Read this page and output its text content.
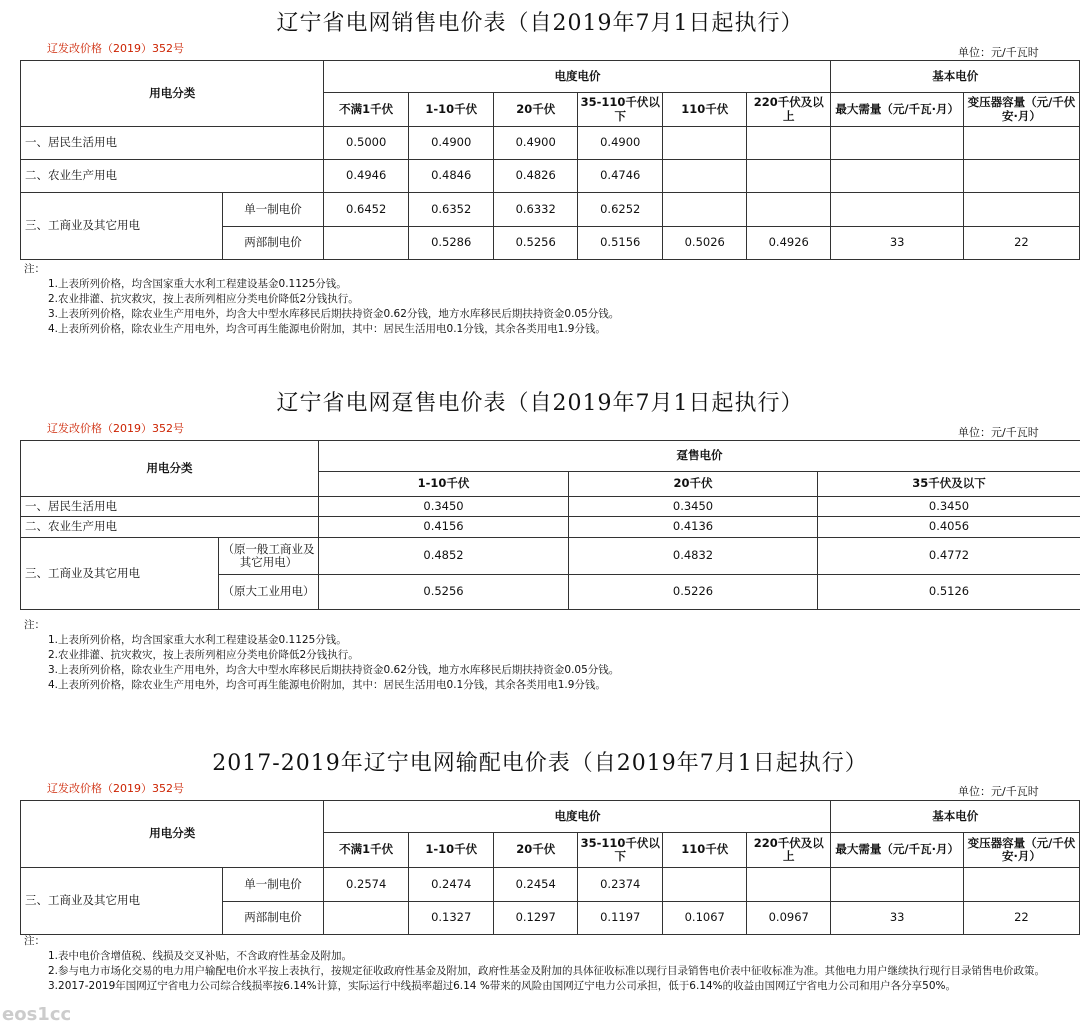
辽宁省电网销售电价表（自2019年7月1日起执行）
辽发改价格（2019）352号	单位：元/千瓦时
用电分类		电度电价						基本电价	
		不满1千伏	1-10千伏	20千伏	35-110千伏以下	110千伏	220千伏及以上	最大需量（元/千瓦·月）	变压器容量（元/千伏安·月）
一、居民生活用电		0.5000	0.4900	0.4900	0.4900				
二、农业生产用电		0.4946	0.4846	0.4826	0.4746				
三、工商业及其它用电	单一制电价	0.6452	0.6352	0.6332	0.6252				
	两部制电价		0.5286	0.5256	0.5156	0.5026	0.4926	33	22
注：
1.上表所列价格，均含国家重大水利工程建设基金0.1125分钱。
2.农业排灌、抗灾救灾，按上表所列相应分类电价降低2分钱执行。
3.上表所列价格，除农业生产用电外，均含大中型水库移民后期扶持资金0.62分钱，地方水库移民后期扶持资金0.05分钱。
4.上表所列价格，除农业生产用电外，均含可再生能源电价附加，其中：居民生活用电0.1分钱，其余各类用电1.9分钱。
辽宁省电网趸售电价表（自2019年7月1日起执行）
辽发改价格（2019）352号	单位：元/千瓦时
用电分类		趸售电价		
		1-10千伏	20千伏	35千伏及以下
一、居民生活用电		0.3450	0.3450	0.3450
二、农业生产用电		0.4156	0.4136	0.4056
三、工商业及其它用电	（原一般工商业及其它用电）	0.4852	0.4832	0.4772
	（原大工业用电）	0.5256	0.5226	0.5126
注：
1.上表所列价格，均含国家重大水利工程建设基金0.1125分钱。
2.农业排灌、抗灾救灾，按上表所列相应分类电价降低2分钱执行。
3.上表所列价格，除农业生产用电外，均含大中型水库移民后期扶持资金0.62分钱，地方水库移民后期扶持资金0.05分钱。
4.上表所列价格，除农业生产用电外，均含可再生能源电价附加，其中：居民生活用电0.1分钱，其余各类用电1.9分钱。
2017-2019年辽宁电网输配电价表（自2019年7月1日起执行）
辽发改价格（2019）352号	单位：元/千瓦时
用电分类		电度电价						基本电价	
		不满1千伏	1-10千伏	20千伏	35-110千伏以下	110千伏	220千伏及以上	最大需量（元/千瓦·月）	变压器容量（元/千伏安·月）
三、工商业及其它用电	单一制电价	0.2574	0.2474	0.2454	0.2374				
	两部制电价		0.1327	0.1297	0.1197	0.1067	0.0967	33	22
注：
1.表中电价含增值税、线损及交叉补贴，不含政府性基金及附加。
2.参与电力市场化交易的电力用户输配电价水平按上表执行，按规定征收政府性基金及附加，政府性基金及附加的具体征收标准以现行目录销售电价表中征收标准为准。其他电力用户继续执行现行目录销售电价政策。
3.2017-2019年国网辽宁省电力公司综合线损率按6.14%计算，实际运行中线损率超过6.14 %带来的风险由国网辽宁电力公司承担，低于6.14%的收益由国网辽宁省电力公司和用户各分享50%。
eos1cc
